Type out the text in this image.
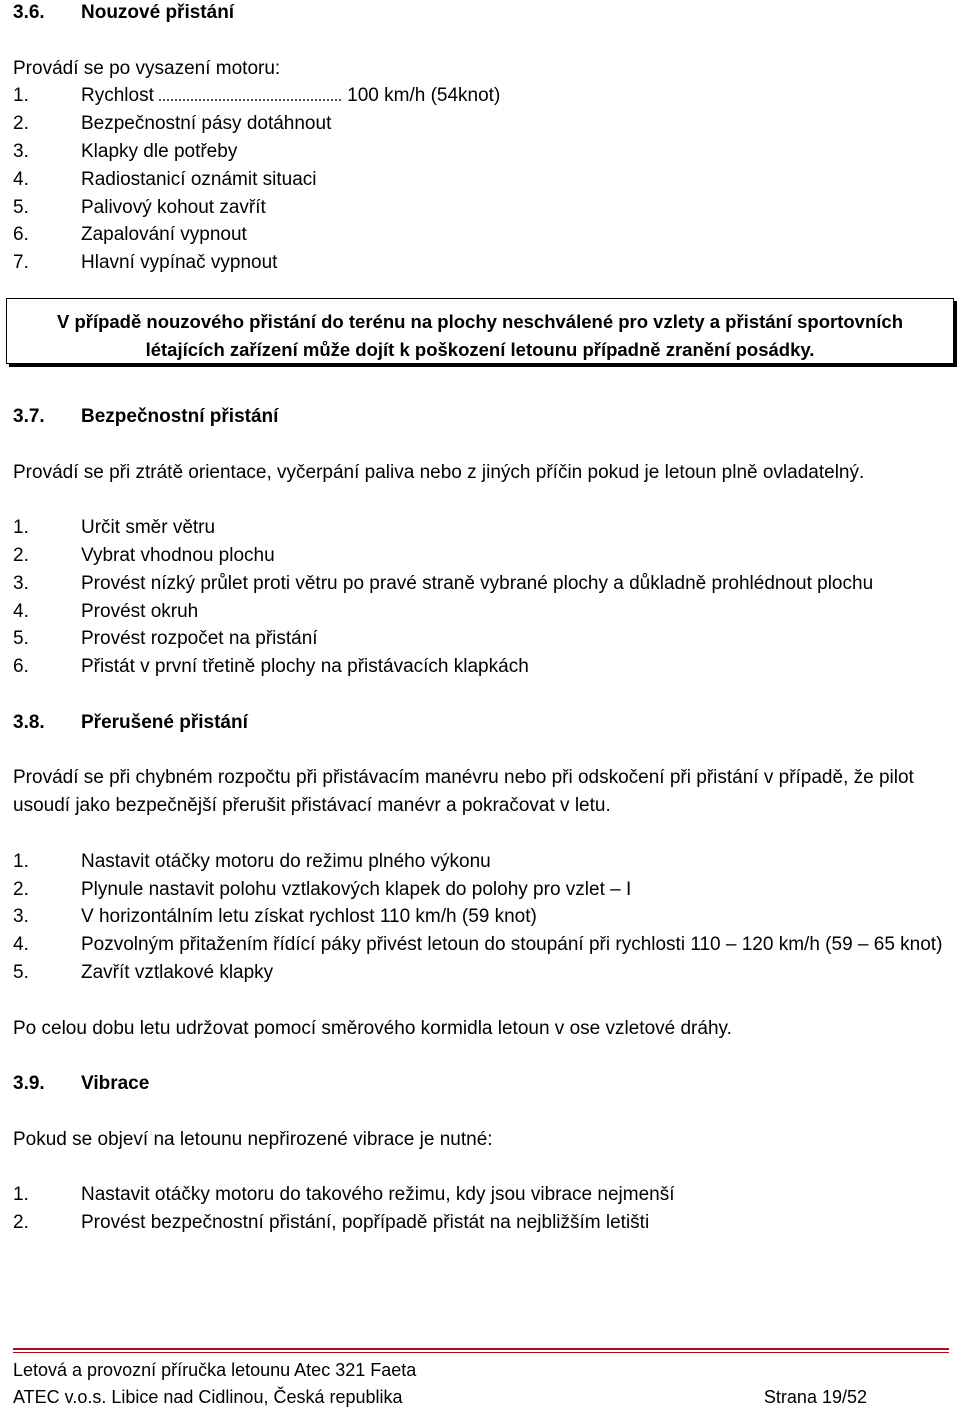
3.6.	Nouzové přistání

Provádí se po vysazení motoru:

1.	Rychlost	100 km/h (54knot)
2.	Bezpečnostní pásy dotáhnout
3.	Klapky dle potřeby
4.	Radiostanicí oznámit situaci
5.	Palivový kohout zavřít
6.	Zapalování vypnout
7.	Hlavní vypínač vypnout
3.7.	Bezpečnostní přistání

Provádí se při ztrátě orientace, vyčerpání paliva nebo z jiných příčin pokud je letoun plně ovladatelný.

1.	Určit směr větru
2.	Vybrat vhodnou plochu
3.	Provést nízký průlet proti větru po pravé straně vybrané plochy a důkladně prohlédnout plochu
4.	Provést okruh
5.	Provést rozpočet na přistání
6.	Přistát v první třetině plochy na přistávacích klapkách
3.8.	Přerušené přistání

Provádí se při chybném rozpočtu při přistávacím manévru nebo při odskočení při přistání v případě, že pilot usoudí jako bezpečnější přerušit přistávací manévr a pokračovat v letu.

1.	Nastavit otáčky motoru do režimu plného výkonu
2.	Plynule nastavit polohu vztlakových klapek do polohy pro vzlet – I
3.	V horizontálním letu získat rychlost 110 km/h (59 knot)
4.	Pozvolným přitažením řídící páky přivést letoun do stoupání při rychlosti 110 – 120 km/h (59 – 65 knot)
5.	Zavřít vztlakové klapky

Po celou dobu letu udržovat pomocí směrového kormidla letoun v ose vzletové dráhy.

3.9.	Vibrace

Pokud se objeví na letounu nepřirozené vibrace je nutné:

1.	Nastavit otáčky motoru do takového režimu, kdy jsou vibrace nejmenší
2.	Provést bezpečnostní přistání, popřípadě přistát na nejbližším letišti
V případě nouzového přistání do terénu na plochy neschválené pro vzlety a přistání sportovních
létajících zařízení může dojít k poškození letounu případně zranění posádky.
Letová a provozní příručka letounu Atec 321 Faeta
ATEC v.o.s. Libice nad Cidlinou, Česká republika	Strana 19/52
